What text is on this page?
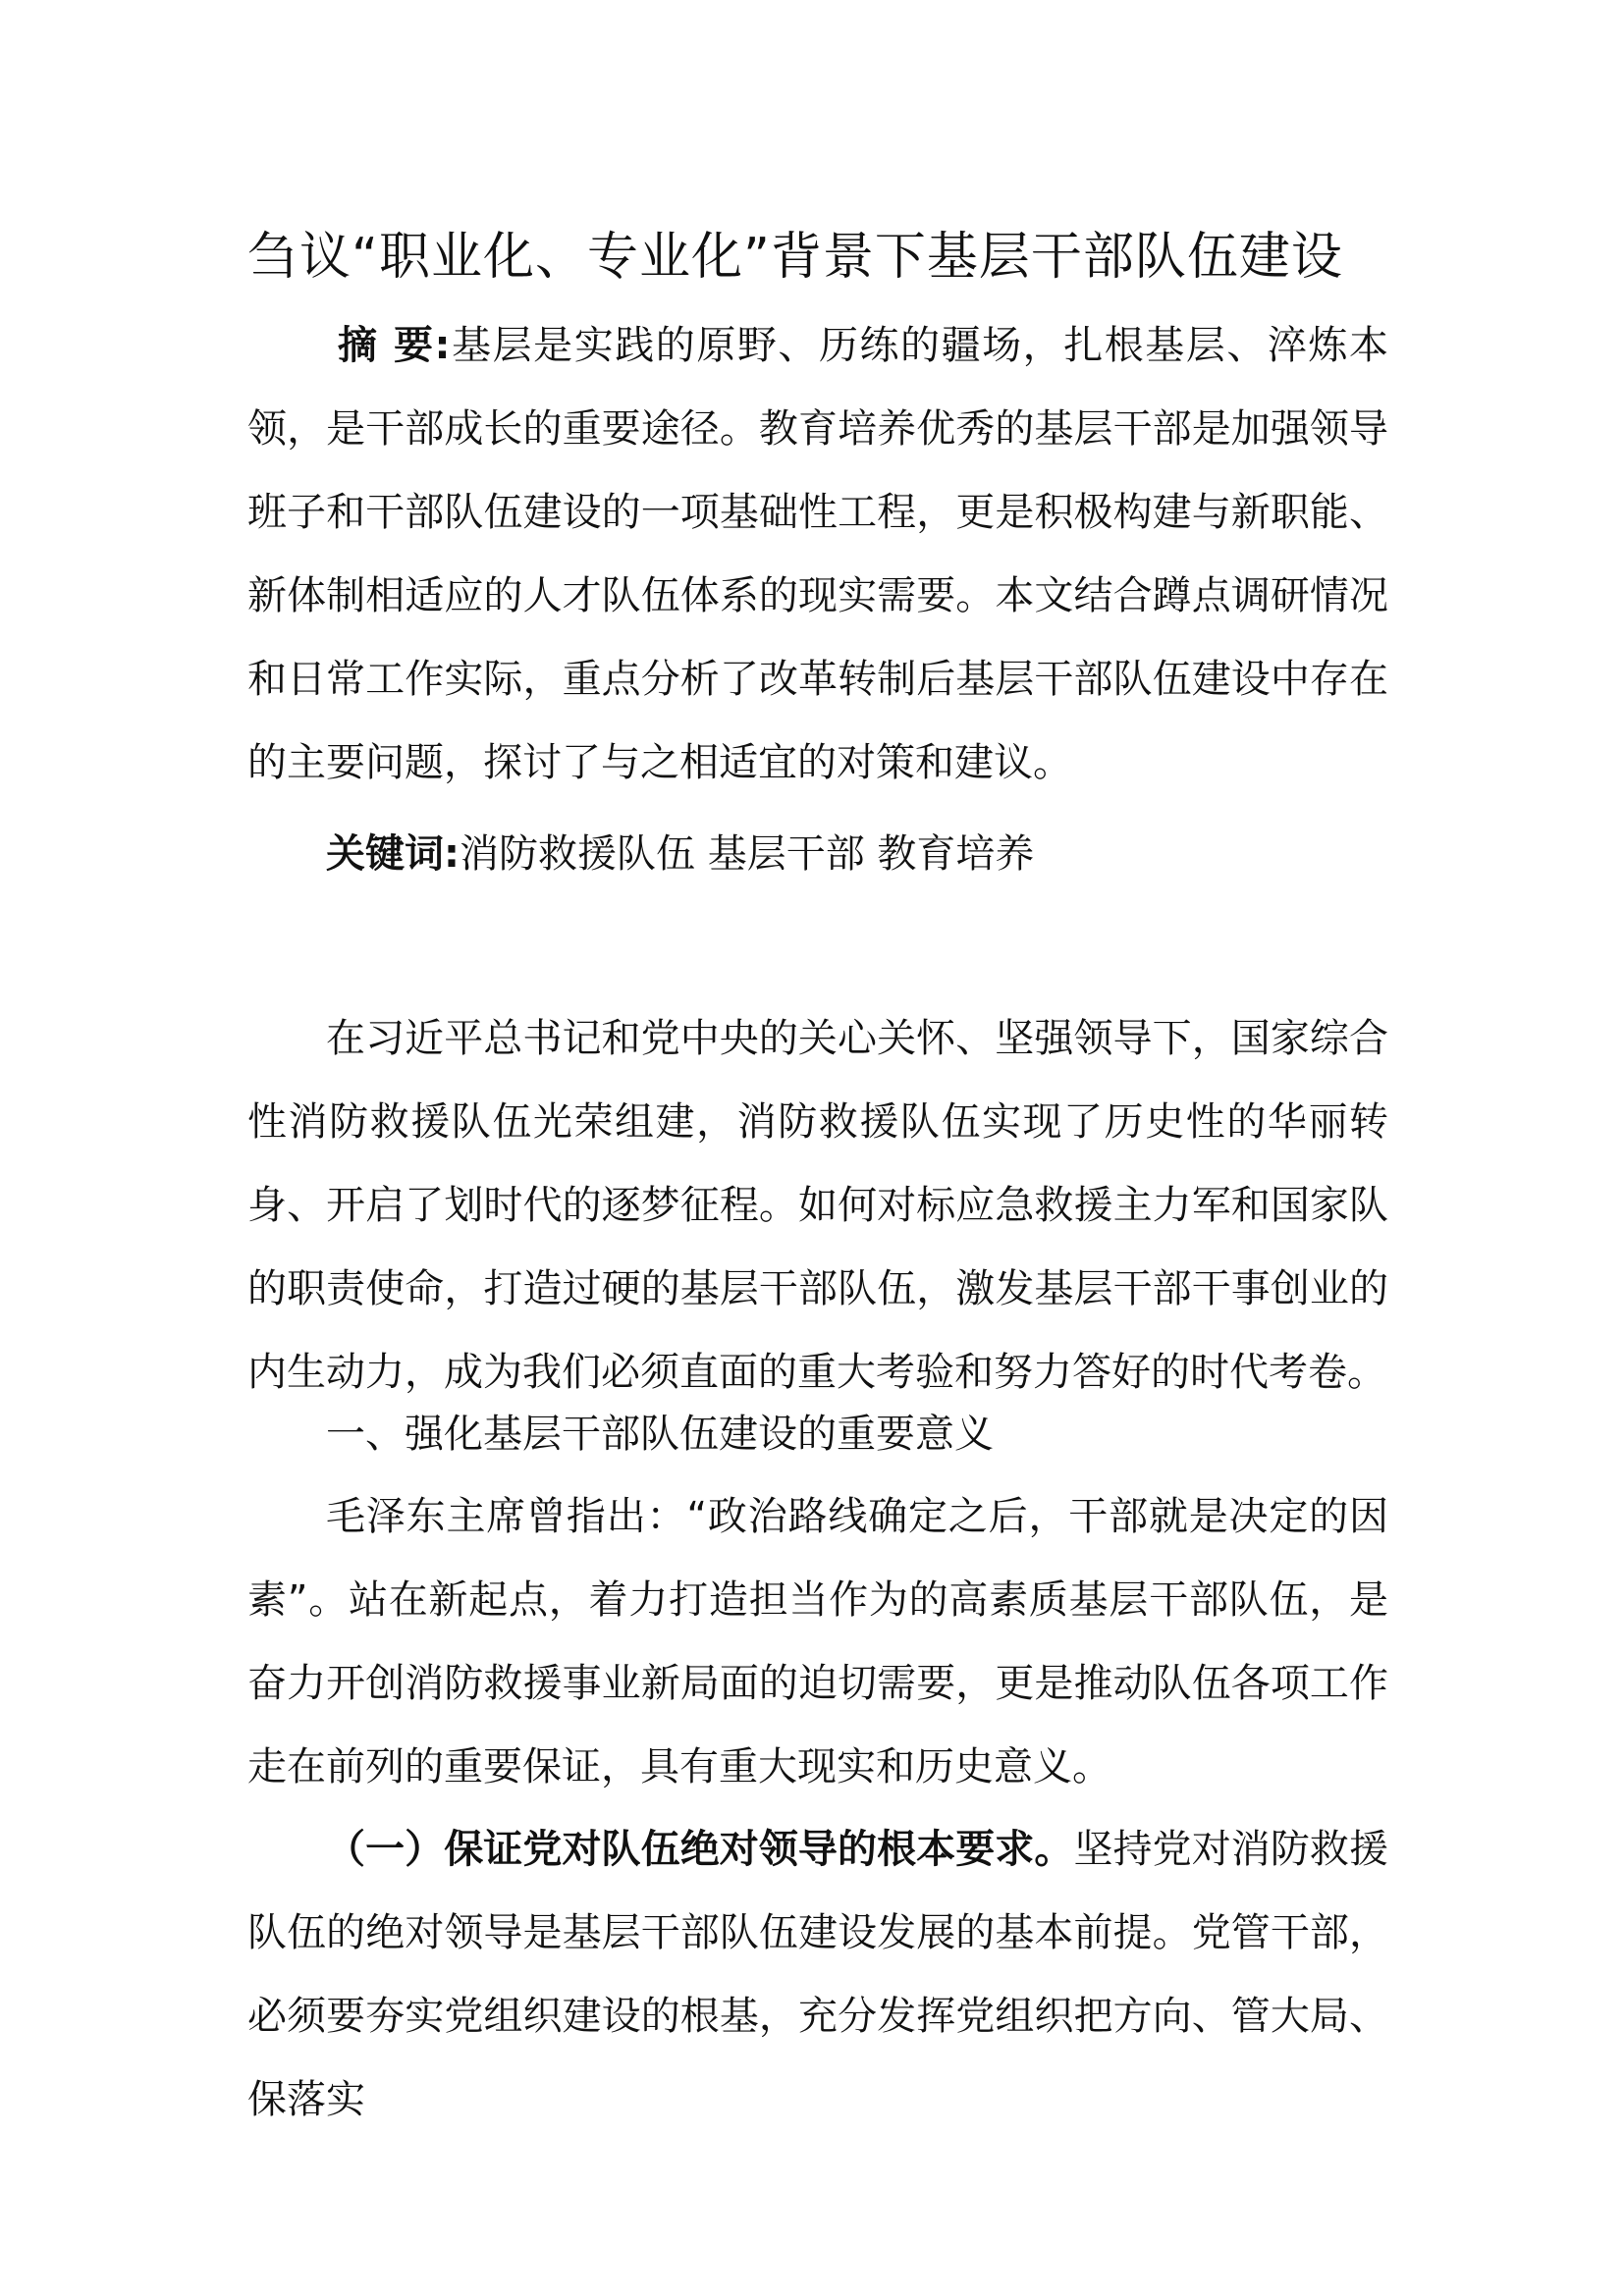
刍议“职业化、专业化”背景下基层干部队伍建设

摘 要:基层是实践的原野、历练的疆场，扎根基层、淬炼本领，是干部成长的重要途径。教育培养优秀的基层干部是加强领导班子和干部队伍建设的一项基础性工程，更是积极构建与新职能、新体制相适应的人才队伍体系的现实需要。本文结合蹲点调研情况和日常工作实际，重点分析了改革转制后基层干部队伍建设中存在的主要问题，探讨了与之相适宜的对策和建议。

关键词:消防救援队伍 基层干部 教育培养

在习近平总书记和党中央的关心关怀、坚强领导下，国家综合性消防救援队伍光荣组建，消防救援队伍实现了历史性的华丽转身、开启了划时代的逐梦征程。如何对标应急救援主力军和国家队的职责使命，打造过硬的基层干部队伍，激发基层干部干事创业的内生动力，成为我们必须直面的重大考验和努力答好的时代考卷。

一、强化基层干部队伍建设的重要意义

毛泽东主席曾指出：“政治路线确定之后，干部就是决定的因素”。站在新起点，着力打造担当作为的高素质基层干部队伍，是奋力开创消防救援事业新局面的迫切需要，更是推动队伍各项工作走在前列的重要保证，具有重大现实和历史意义。

（一）保证党对队伍绝对领导的根本要求。坚持党对消防救援队伍的绝对领导是基层干部队伍建设发展的基本前提。党管干部，必须要夯实党组织建设的根基，充分发挥党组织把方向、管大局、保落实
